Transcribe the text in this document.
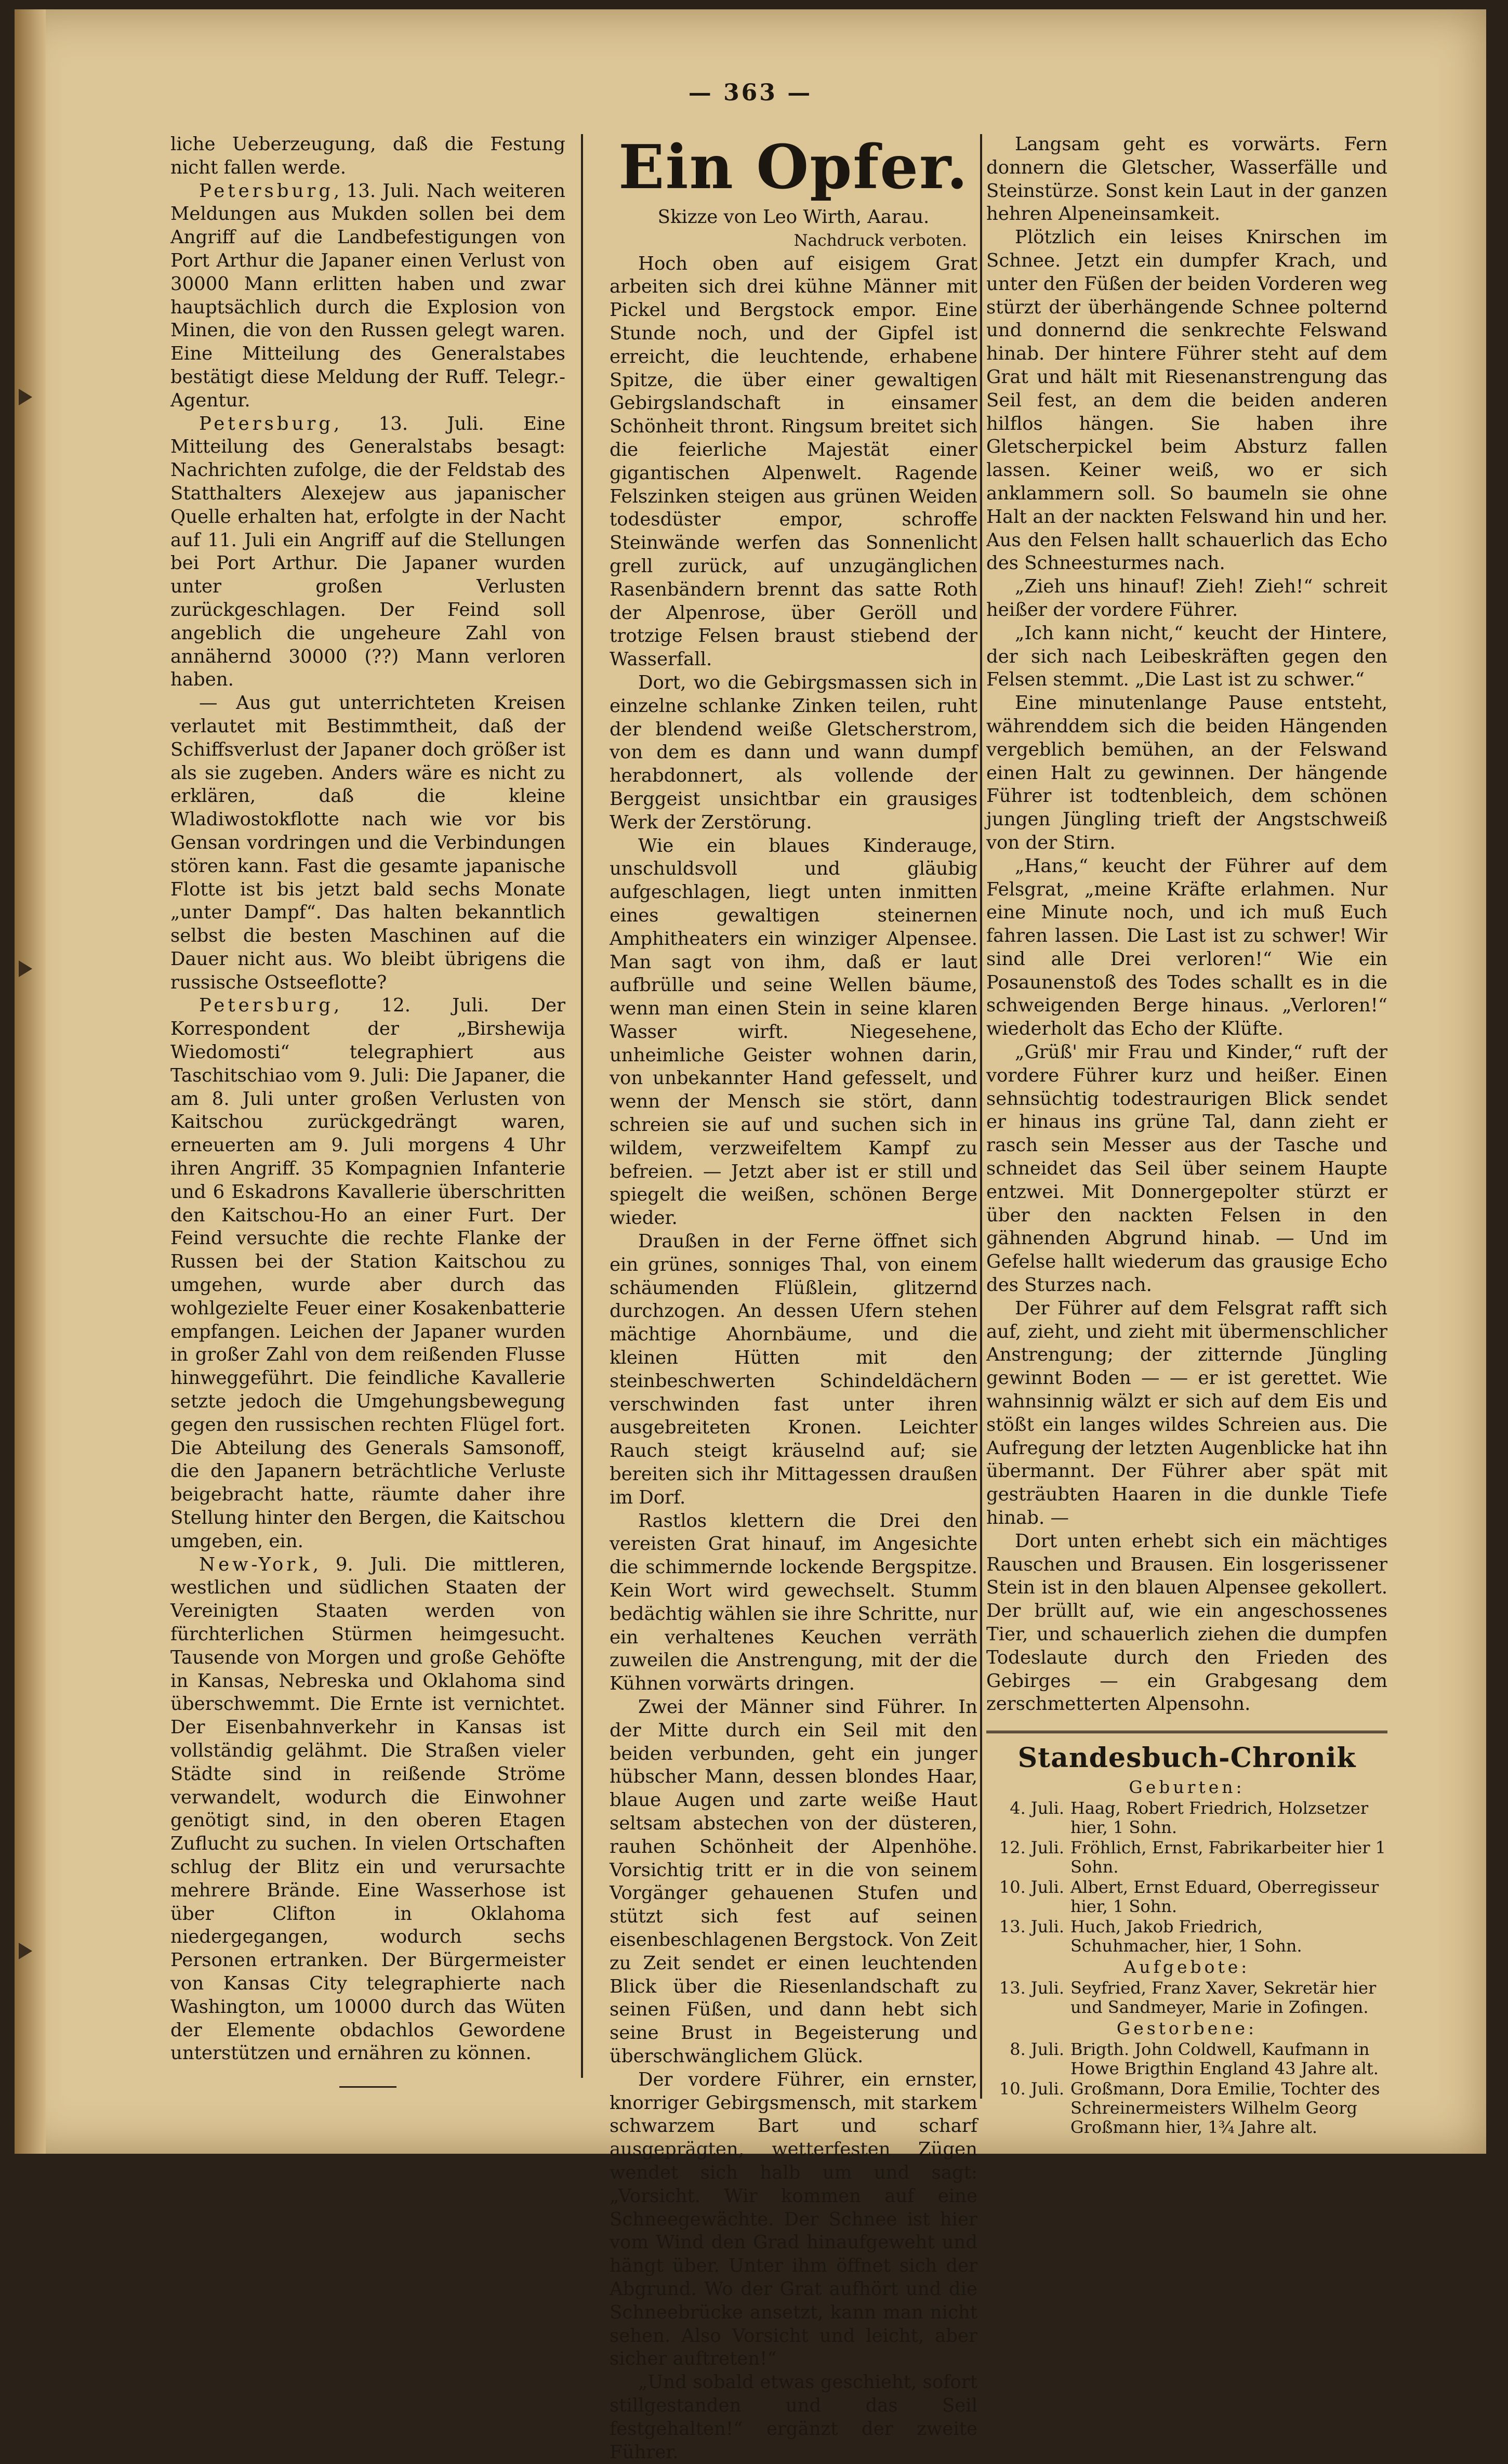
— 363 —

liche Ueberzeugung, daß die Festung nicht fallen werde.

Petersburg, 13. Juli. Nach weiteren Meldungen aus Mukden sollen bei dem Angriff auf die Landbefestigungen von Port Arthur die Japaner einen Verlust von 30000 Mann erlitten haben und zwar hauptsächlich durch die Explosion von Minen, die von den Russen gelegt waren. Eine Mitteilung des Generalstabes bestätigt diese Meldung der Ruff. Telegr.-Agentur.

Petersburg, 13. Juli. Eine Mitteilung des Generalstabs besagt: Nachrichten zufolge, die der Feldstab des Statthalters Alexejew aus japanischer Quelle erhalten hat, erfolgte in der Nacht auf 11. Juli ein Angriff auf die Stellungen bei Port Arthur. Die Japaner wurden unter großen Verlusten zurückgeschlagen. Der Feind soll angeblich die ungeheure Zahl von annähernd 30000 (??) Mann verloren haben.

— Aus gut unterrichteten Kreisen verlautet mit Bestimmtheit, daß der Schiffsverlust der Japaner doch größer ist als sie zugeben. Anders wäre es nicht zu erklären, daß die kleine Wladiwostokflotte nach wie vor bis Gensan vordringen und die Verbindungen stören kann. Fast die gesamte japanische Flotte ist bis jetzt bald sechs Monate „unter Dampf“. Das halten bekanntlich selbst die besten Maschinen auf die Dauer nicht aus. Wo bleibt übrigens die russische Ostseeflotte?

Petersburg, 12. Juli. Der Korrespondent der „Birshewija Wiedomosti“ telegraphiert aus Taschitschiao vom 9. Juli: Die Japaner, die am 8. Juli unter großen Verlusten von Kaitschou zurückgedrängt waren, erneuerten am 9. Juli morgens 4 Uhr ihren Angriff. 35 Kompagnien Infanterie und 6 Eskadrons Kavallerie überschritten den Kaitschou-Ho an einer Furt. Der Feind versuchte die rechte Flanke der Russen bei der Station Kaitschou zu umgehen, wurde aber durch das wohlgezielte Feuer einer Kosakenbatterie empfangen. Leichen der Japaner wurden in großer Zahl von dem reißenden Flusse hinweggeführt. Die feindliche Kavallerie setzte jedoch die Umgehungsbewegung gegen den russischen rechten Flügel fort. Die Abteilung des Generals Samsonoff, die den Japanern beträchtliche Verluste beigebracht hatte, räumte daher ihre Stellung hinter den Bergen, die Kaitschou umgeben, ein.

New-York, 9. Juli. Die mittleren, westlichen und südlichen Staaten der Vereinigten Staaten werden von fürchterlichen Stürmen heimgesucht. Tausende von Morgen und große Gehöfte in Kansas, Nebreska und Oklahoma sind überschwemmt. Die Ernte ist vernichtet. Der Eisenbahnverkehr in Kansas ist vollständig gelähmt. Die Straßen vieler Städte sind in reißende Ströme verwandelt, wodurch die Einwohner genötigt sind, in den oberen Etagen Zuflucht zu suchen. In vielen Ortschaften schlug der Blitz ein und verursachte mehrere Brände. Eine Wasserhose ist über Clifton in Oklahoma niedergegangen, wodurch sechs Personen ertranken. Der Bürgermeister von Kansas City telegraphierte nach Washington, um 10000 durch das Wüten der Elemente obdachlos Gewordene unterstützen und ernähren zu können.

Ein Opfer.

Skizze von Leo Wirth, Aarau.

Nachdruck verboten.

Hoch oben auf eisigem Grat arbeiten sich drei kühne Männer mit Pickel und Bergstock empor. Eine Stunde noch, und der Gipfel ist erreicht, die leuchtende, erhabene Spitze, die über einer gewaltigen Gebirgslandschaft in einsamer Schönheit thront. Ringsum breitet sich die feierliche Majestät einer gigantischen Alpenwelt. Ragende Felszinken steigen aus grünen Weiden todesdüster empor, schroffe Steinwände werfen das Sonnenlicht grell zurück, auf unzugänglichen Rasenbändern brennt das satte Roth der Alpenrose, über Geröll und trotzige Felsen braust stiebend der Wasserfall.

Dort, wo die Gebirgsmassen sich in einzelne schlanke Zinken teilen, ruht der blendend weiße Gletscherstrom, von dem es dann und wann dumpf herabdonnert, als vollende der Berggeist unsichtbar ein grausiges Werk der Zerstörung.

Wie ein blaues Kinderauge, unschuldsvoll und gläubig aufgeschlagen, liegt unten inmitten eines gewaltigen steinernen Amphitheaters ein winziger Alpensee. Man sagt von ihm, daß er laut aufbrülle und seine Wellen bäume, wenn man einen Stein in seine klaren Wasser wirft. Niegesehene, unheimliche Geister wohnen darin, von unbekannter Hand gefesselt, und wenn der Mensch sie stört, dann schreien sie auf und suchen sich in wildem, verzweifeltem Kampf zu befreien. — Jetzt aber ist er still und spiegelt die weißen, schönen Berge wieder.

Draußen in der Ferne öffnet sich ein grünes, sonniges Thal, von einem schäumenden Flüßlein, glitzernd durchzogen. An dessen Ufern stehen mächtige Ahornbäume, und die kleinen Hütten mit den steinbeschwerten Schindeldächern verschwinden fast unter ihren ausgebreiteten Kronen. Leichter Rauch steigt kräuselnd auf; sie bereiten sich ihr Mittagessen draußen im Dorf.

Rastlos klettern die Drei den vereisten Grat hinauf, im Angesichte die schimmernde lockende Bergspitze. Kein Wort wird gewechselt. Stumm bedächtig wählen sie ihre Schritte, nur ein verhaltenes Keuchen verräth zuweilen die Anstrengung, mit der die Kühnen vorwärts dringen.

Zwei der Männer sind Führer. In der Mitte durch ein Seil mit den beiden verbunden, geht ein junger hübscher Mann, dessen blondes Haar, blaue Augen und zarte weiße Haut seltsam abstechen von der düsteren, rauhen Schönheit der Alpenhöhe. Vorsichtig tritt er in die von seinem Vorgänger gehauenen Stufen und stützt sich fest auf seinen eisenbeschlagenen Bergstock. Von Zeit zu Zeit sendet er einen leuchtenden Blick über die Riesenlandschaft zu seinen Füßen, und dann hebt sich seine Brust in Begeisterung und überschwänglichem Glück.

Der vordere Führer, ein ernster, knorriger Gebirgsmensch, mit starkem schwarzem Bart und scharf ausgeprägten, wetterfesten Zügen wendet sich halb um und sagt: „Vorsicht. Wir kommen auf eine Schneegewächte. Der Schnee ist hier vom Wind den Grad hinaufgeweht und hängt über. Unter ihm öffnet sich der Abgrund. Wo der Grat aufhört und die Schneebrücke ansetzt, kann man nicht sehen. Also Vorsicht und leicht, aber sicher auftreten!“

„Und sobald etwas geschieht, sofort stillgestanden und das Seil festgehalten!“ ergänzt der zweite Führer.

Langsam geht es vorwärts. Fern donnern die Gletscher, Wasserfälle und Steinstürze. Sonst kein Laut in der ganzen hehren Alpeneinsamkeit.

Plötzlich ein leises Knirschen im Schnee. Jetzt ein dumpfer Krach, und unter den Füßen der beiden Vorderen weg stürzt der überhängende Schnee polternd und donnernd die senkrechte Felswand hinab. Der hintere Führer steht auf dem Grat und hält mit Riesenanstrengung das Seil fest, an dem die beiden anderen hilflos hängen. Sie haben ihre Gletscherpickel beim Absturz fallen lassen. Keiner weiß, wo er sich anklammern soll. So baumeln sie ohne Halt an der nackten Felswand hin und her. Aus den Felsen hallt schauerlich das Echo des Schneesturmes nach.

„Zieh uns hinauf! Zieh! Zieh!“ schreit heißer der vordere Führer.

„Ich kann nicht,“ keucht der Hintere, der sich nach Leibeskräften gegen den Felsen stemmt. „Die Last ist zu schwer.“

Eine minutenlange Pause entsteht, währenddem sich die beiden Hängenden vergeblich bemühen, an der Felswand einen Halt zu gewinnen. Der hängende Führer ist todtenbleich, dem schönen jungen Jüngling trieft der Angstschweiß von der Stirn.

„Hans,“ keucht der Führer auf dem Felsgrat, „meine Kräfte erlahmen. Nur eine Minute noch, und ich muß Euch fahren lassen. Die Last ist zu schwer! Wir sind alle Drei verloren!“ Wie ein Posaunenstoß des Todes schallt es in die schweigenden Berge hinaus. „Verloren!“ wiederholt das Echo der Klüfte.

„Grüß' mir Frau und Kinder,“ ruft der vordere Führer kurz und heißer. Einen sehnsüchtig todestraurigen Blick sendet er hinaus ins grüne Tal, dann zieht er rasch sein Messer aus der Tasche und schneidet das Seil über seinem Haupte entzwei. Mit Donnergepolter stürzt er über den nackten Felsen in den gähnenden Abgrund hinab. — Und im Gefelse hallt wiederum das grausige Echo des Sturzes nach.

Der Führer auf dem Felsgrat rafft sich auf, zieht, und zieht mit übermenschlicher Anstrengung; der zitternde Jüngling gewinnt Boden — — er ist gerettet. Wie wahnsinnig wälzt er sich auf dem Eis und stößt ein langes wildes Schreien aus. Die Aufregung der letzten Augenblicke hat ihn übermannt. Der Führer aber spät mit gesträubten Haaren in die dunkle Tiefe hinab. —

Dort unten erhebt sich ein mächtiges Rauschen und Brausen. Ein losgerissener Stein ist in den blauen Alpensee gekollert. Der brüllt auf, wie ein angeschossenes Tier, und schauerlich ziehen die dumpfen Todeslaute durch den Frieden des Gebirges — ein Grabgesang dem zerschmetterten Alpensohn.

Standesbuch-Chronik

Geburten:

4. Juli. Haag, Robert Friedrich, Holzsetzer hier, 1 Sohn.
12. Juli. Fröhlich, Ernst, Fabrikarbeiter hier 1 Sohn.
10. Juli. Albert, Ernst Eduard, Oberregisseur hier, 1 Sohn.
13. Juli. Huch, Jakob Friedrich, Schuhmacher, hier, 1 Sohn.

Aufgebote:

13. Juli. Seyfried, Franz Xaver, Sekretär hier und Sandmeyer, Marie in Zofingen.

Gestorbene:

8. Juli. Brigth. John Coldwell, Kaufmann in Howe Brigthin England 43 Jahre alt.
10. Juli. Großmann, Dora Emilie, Tochter des Schreinermeisters Wilhelm Georg Großmann hier, 1¾ Jahre alt.
